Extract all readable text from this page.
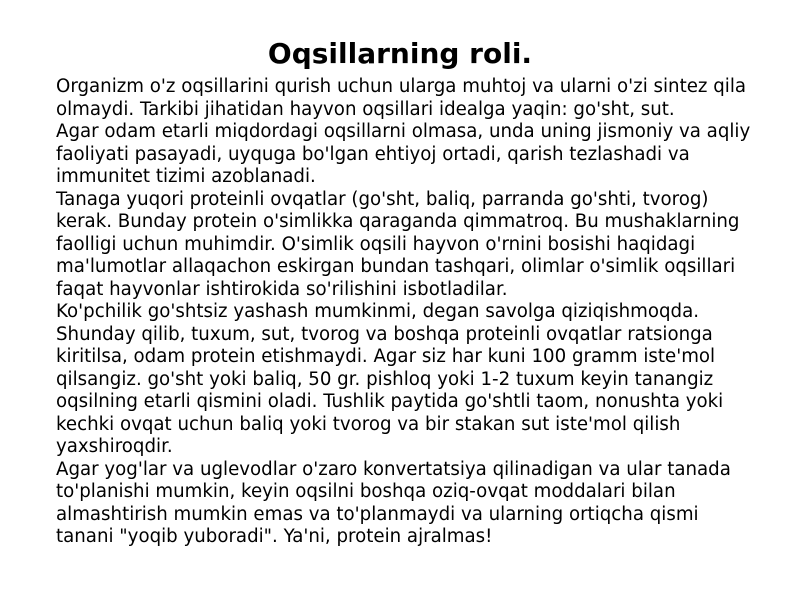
Oqsillarning roli.
Organizm o'z oqsillarini qurish uchun ularga muhtoj va ularni o'zi sintez qila
olmaydi. Tarkibi jihatidan hayvon oqsillari idealga yaqin: go'sht, sut.
Agar odam etarli miqdordagi oqsillarni olmasa, unda uning jismoniy va aqliy
faoliyati pasayadi, uyquga bo'lgan ehtiyoj ortadi, qarish tezlashadi va
immunitet tizimi azoblanadi.
Tanaga yuqori proteinli ovqatlar (go'sht, baliq, parranda go'shti, tvorog)
kerak. Bunday protein o'simlikka qaraganda qimmatroq. Bu mushaklarning
faolligi uchun muhimdir. O'simlik oqsili hayvon o'rnini bosishi haqidagi
ma'lumotlar allaqachon eskirgan bundan tashqari, olimlar o'simlik oqsillari
faqat hayvonlar ishtirokida so'rilishini isbotladilar.
Ko'pchilik go'shtsiz yashash mumkinmi, degan savolga qiziqishmoqda.
Shunday qilib, tuxum, sut, tvorog va boshqa proteinli ovqatlar ratsionga
kiritilsa, odam protein etishmaydi. Agar siz har kuni 100 gramm iste'mol
qilsangiz. go'sht yoki baliq, 50 gr. pishloq yoki 1-2 tuxum keyin tanangiz
oqsilning etarli qismini oladi. Tushlik paytida go'shtli taom, nonushta yoki
kechki ovqat uchun baliq yoki tvorog va bir stakan sut iste'mol qilish
yaxshiroqdir.
Agar yog'lar va uglevodlar o'zaro konvertatsiya qilinadigan va ular tanada
to'planishi mumkin, keyin oqsilni boshqa oziq-ovqat moddalari bilan
almashtirish mumkin emas va to'planmaydi va ularning ortiqcha qismi
tanani "yoqib yuboradi". Ya'ni, protein ajralmas!
